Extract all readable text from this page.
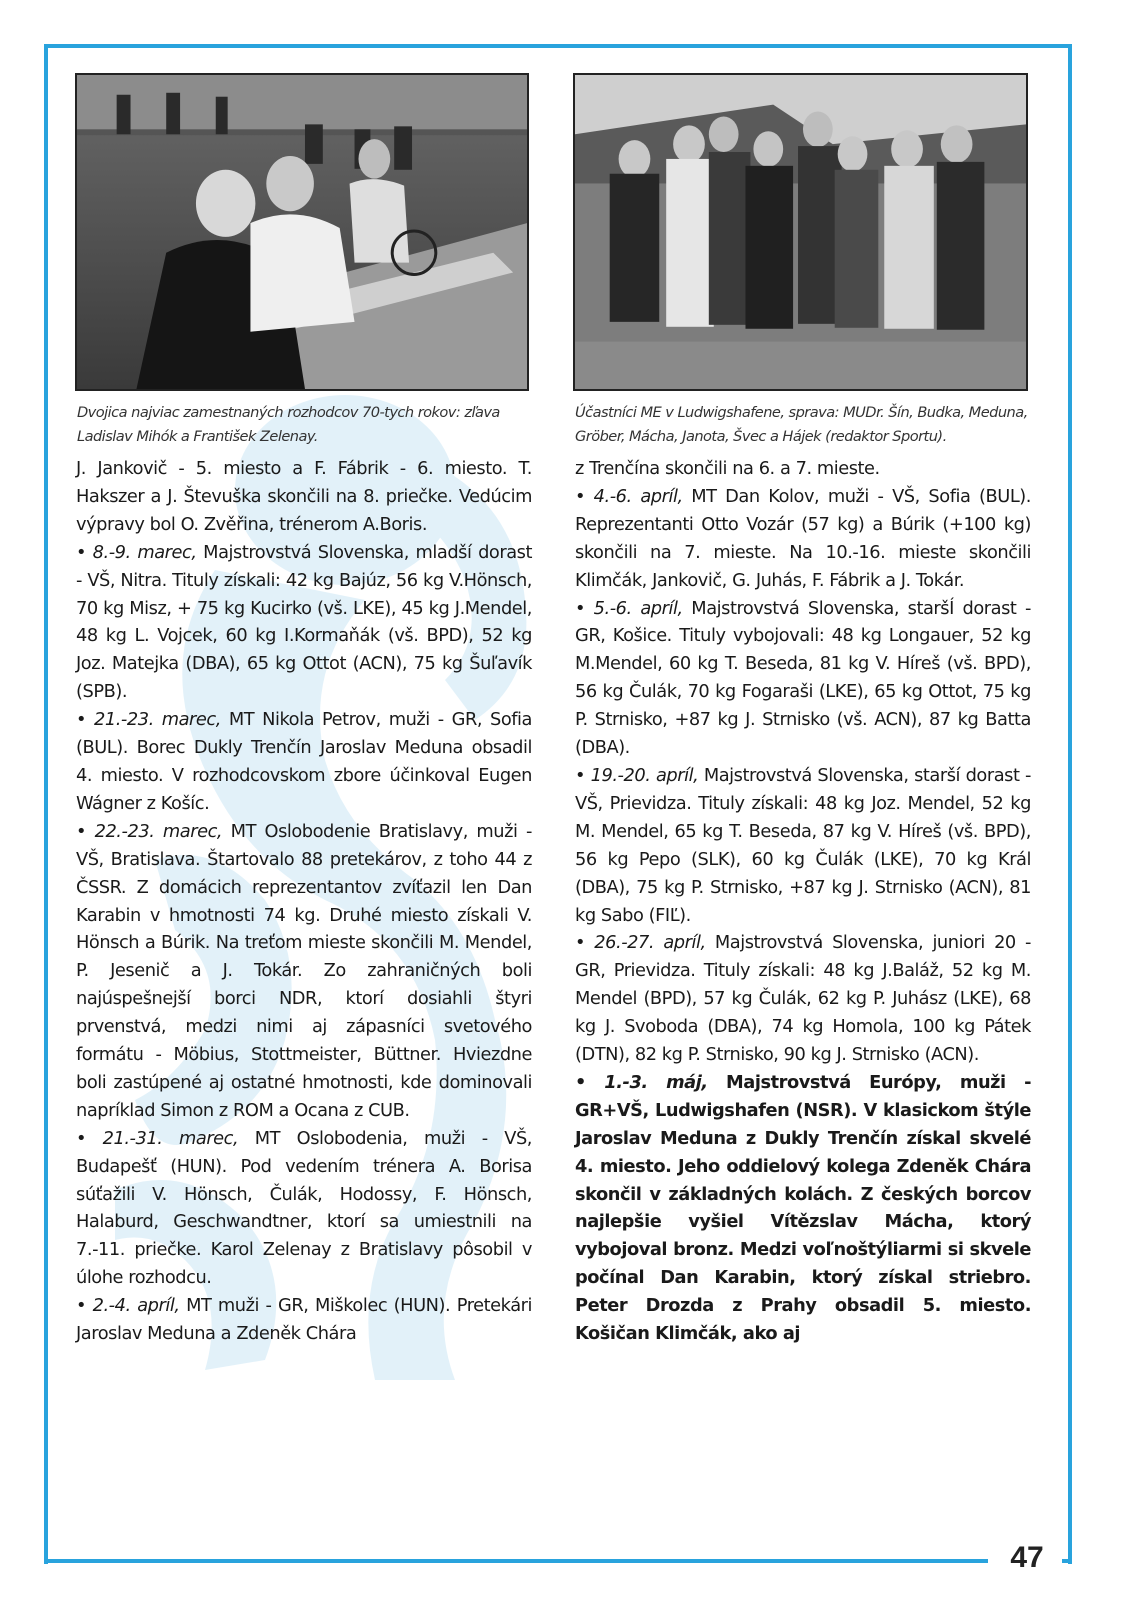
47
Dvojica najviac zamestnaných rozhodcov 70-tych rokov: zľava Ladislav Mihók a František Zelenay.
Účastníci ME v Ludwigshafene, sprava: MUDr. Šín, Budka, Meduna, Gröber, Mácha, Janota, Švec a Hájek (redaktor Sportu).

J. Jankovič - 5. miesto a F. Fábrik - 6. miesto. T. Hakszer a J. Števuška skončili na 8. priečke. Vedúcim výpravy bol O. Zvěřina, trénerom A.Boris.

• 8.-9. marec, Majstrovstvá Slovenska, mladší dorast - VŠ, Nitra. Tituly získali: 42 kg Bajúz, 56 kg V.Hönsch, 70 kg Misz, + 75 kg Kucirko (vš. LKE), 45 kg J.Mendel, 48 kg L. Vojcek, 60 kg I.Kormaňák (vš. BPD), 52 kg Joz. Matejka (DBA), 65 kg Ottot (ACN), 75 kg Šuľavík (SPB).

• 21.-23. marec, MT Nikola Petrov, muži - GR, Sofia (BUL). Borec Dukly Trenčín Jaroslav Meduna obsadil 4. miesto. V rozhodcovskom zbore účinkoval Eugen Wágner z Košíc.

• 22.-23. marec, MT Oslobodenie Bratislavy, muži - VŠ, Bratislava. Štartovalo 88 pretekárov, z toho 44 z ČSSR. Z domácich reprezentantov zvíťazil len Dan Karabin v hmotnosti 74 kg. Druhé miesto získali V. Hönsch a Búrik. Na treťom mieste skončili M. Mendel, P. Jesenič a J. Tokár. Zo zahraničných boli najúspešnejší borci NDR, ktorí dosiahli štyri prvenstvá, medzi nimi aj zápasníci svetového formátu - Möbius, Stottmeister, Büttner. Hviezdne boli zastúpené aj ostatné hmotnosti, kde dominovali napríklad Simon z ROM a Ocana z CUB.

• 21.-31. marec, MT Oslobodenia, muži - VŠ, Budapešť (HUN). Pod vedením trénera A. Borisa súťažili V. Hönsch, Čulák, Hodossy, F. Hönsch, Halaburd, Geschwandtner, ktorí sa umiestnili na 7.-11. priečke. Karol Zelenay z Bratislavy pôsobil v úlohe rozhodcu.

• 2.-4. apríl, MT muži - GR, Miškolec (HUN). Pretekári Jaroslav Meduna a Zdeněk Chára

z Trenčína skončili na 6. a 7. mieste.

• 4.-6. apríl, MT Dan Kolov, muži - VŠ, Sofia (BUL). Reprezentanti Otto Vozár (57 kg) a Búrik (+100 kg) skončili na 7. mieste. Na 10.-16. mieste skončili Klimčák, Jankovič, G. Juhás, F. Fábrik a J. Tokár.

• 5.-6. apríl, Majstrovstvá Slovenska, staršÍ dorast - GR, Košice. Tituly vybojovali: 48 kg Longauer, 52 kg M.Mendel, 60 kg T. Beseda, 81 kg V. Híreš (vš. BPD), 56 kg Čulák, 70 kg Fogaraši (LKE), 65 kg Ottot, 75 kg P. Strnisko, +87 kg J. Strnisko (vš. ACN), 87 kg Batta (DBA).

• 19.-20. apríl, Majstrovstvá Slovenska, starší dorast - VŠ, Prievidza. Tituly získali: 48 kg Joz. Mendel, 52 kg M. Mendel, 65 kg T. Beseda, 87 kg V. Híreš (vš. BPD), 56 kg Pepo (SLK), 60 kg Čulák (LKE), 70 kg Král (DBA), 75 kg P. Strnisko, +87 kg J. Strnisko (ACN), 81 kg Sabo (FIĽ).

• 26.-27. apríl, Majstrovstvá Slovenska, juniori 20 - GR, Prievidza. Tituly získali: 48 kg J.Baláž, 52 kg M. Mendel (BPD), 57 kg Čulák, 62 kg P. Juhász (LKE), 68 kg J. Svoboda (DBA), 74 kg Homola, 100 kg Pátek (DTN), 82 kg P. Strnisko, 90 kg J. Strnisko (ACN).

• 1.-3. máj, Majstrovstvá Európy, muži - GR+VŠ, Ludwigshafen (NSR). V klasickom štýle Jaroslav Meduna z Dukly Trenčín získal skvelé 4. miesto. Jeho oddielový kolega Zdeněk Chára skončil v základných kolách. Z českých borcov najlepšie vyšiel Vítězslav Mácha, ktorý vybojoval bronz. Medzi voľnoštýliarmi si skvele počínal Dan Karabin, ktorý získal striebro. Peter Drozda z Prahy obsadil 5. miesto. Košičan Klimčák, ako aj
